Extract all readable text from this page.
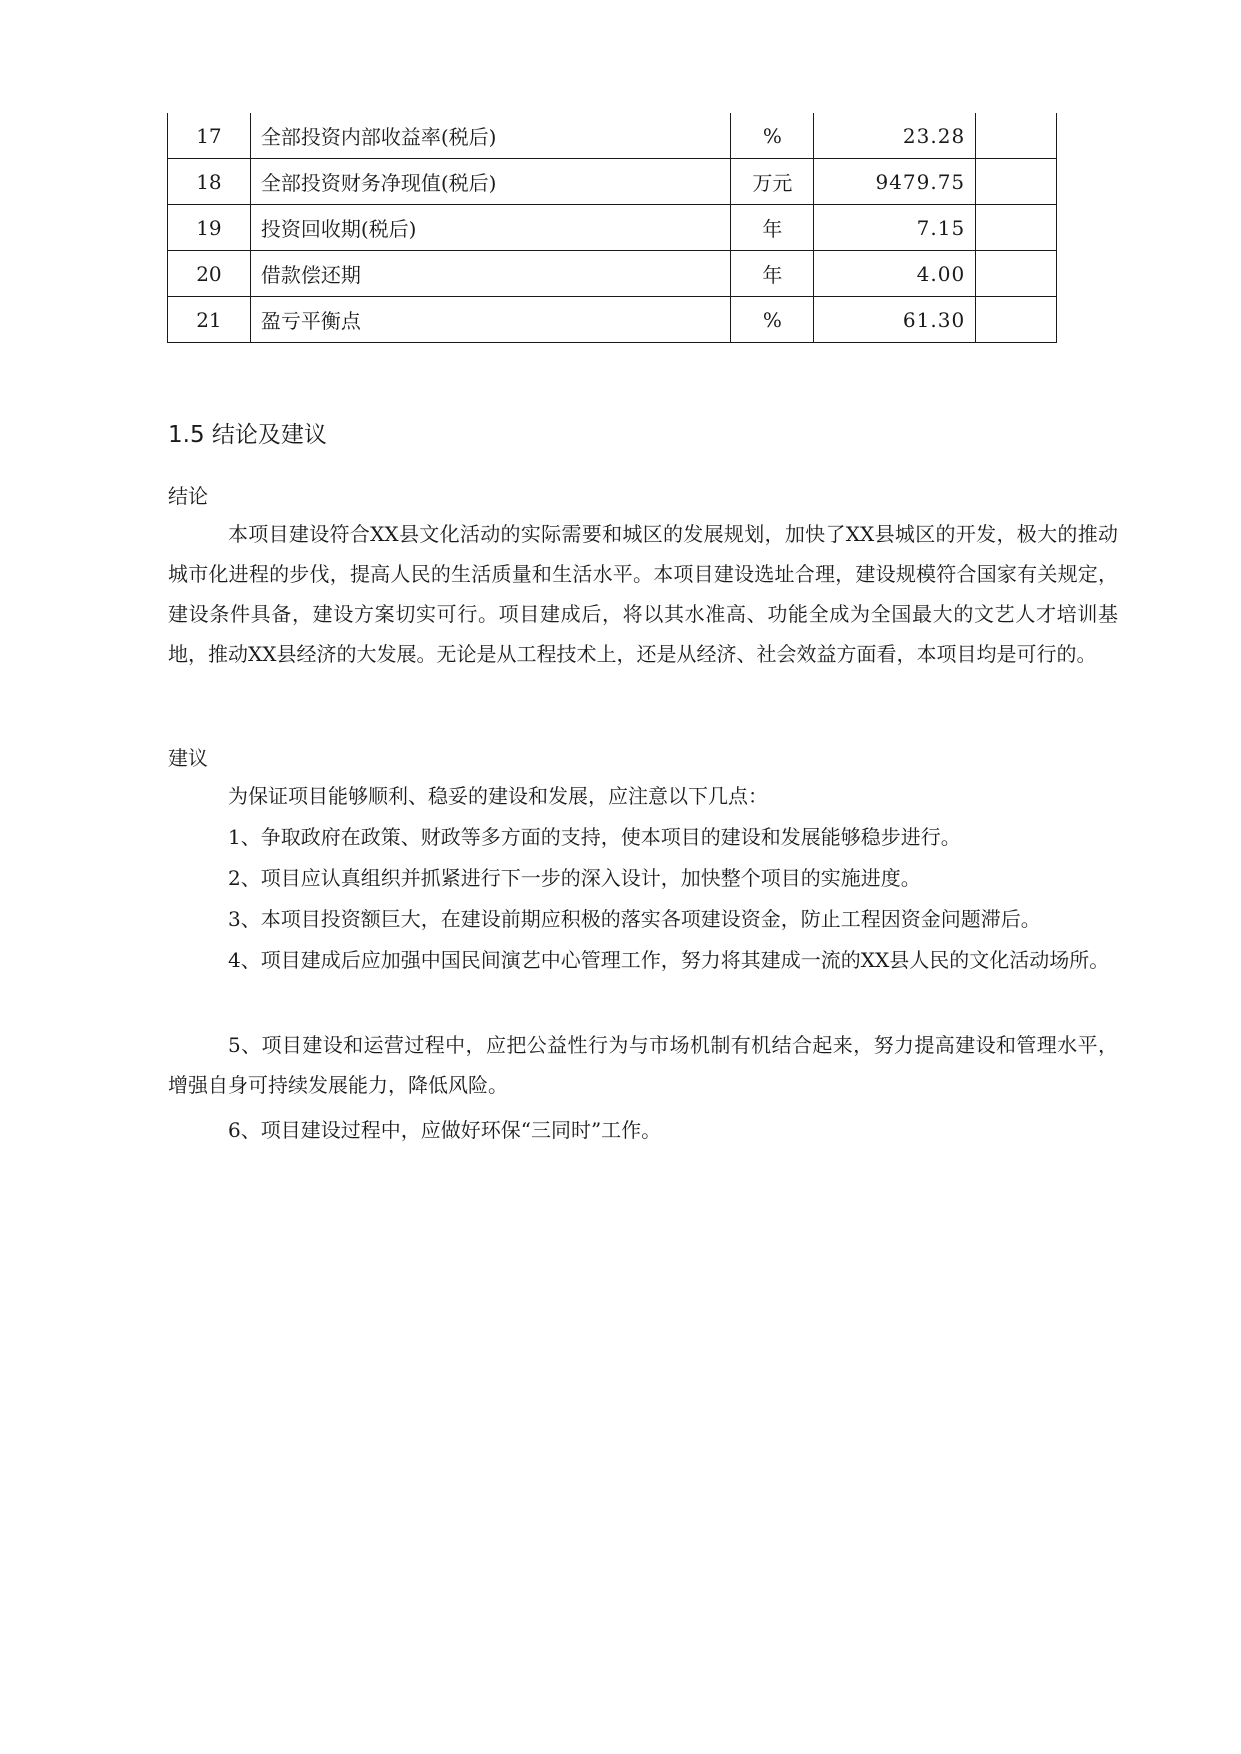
17	全部投资内部收益率(税后)	%	23.28	
18	全部投资财务净现值(税后)	万元	9479.75	
19	投资回收期(税后)	年	7.15	
20	借款偿还期	年	4.00	
21	盈亏平衡点	%	61.30	
1.5 结论及建议
结论

本项目建设符合XX县文化活动的实际需要和城区的发展规划，加快了XX县城区的开发，极大的推动城市化进程的步伐，提高人民的生活质量和生活水平。本项目建设选址合理，建设规模符合国家有关规定，建设条件具备，建设方案切实可行。项目建成后，将以其水准高、功能全成为全国最大的文艺人才培训基地，推动XX县经济的大发展。无论是从工程技术上，还是从经济、社会效益方面看，本项目均是可行的。

建议

为保证项目能够顺利、稳妥的建设和发展，应注意以下几点：

1、争取政府在政策、财政等多方面的支持，使本项目的建设和发展能够稳步进行。

2、项目应认真组织并抓紧进行下一步的深入设计，加快整个项目的实施进度。

3、本项目投资额巨大，在建设前期应积极的落实各项建设资金，防止工程因资金问题滞后。

4、项目建成后应加强中国民间演艺中心管理工作，努力将其建成一流的XX县人民的文化活动场所。

5、项目建设和运营过程中，应把公益性行为与市场机制有机结合起来，努力提高建设和管理水平，增强自身可持续发展能力，降低风险。

6、项目建设过程中，应做好环保“三同时”工作。
